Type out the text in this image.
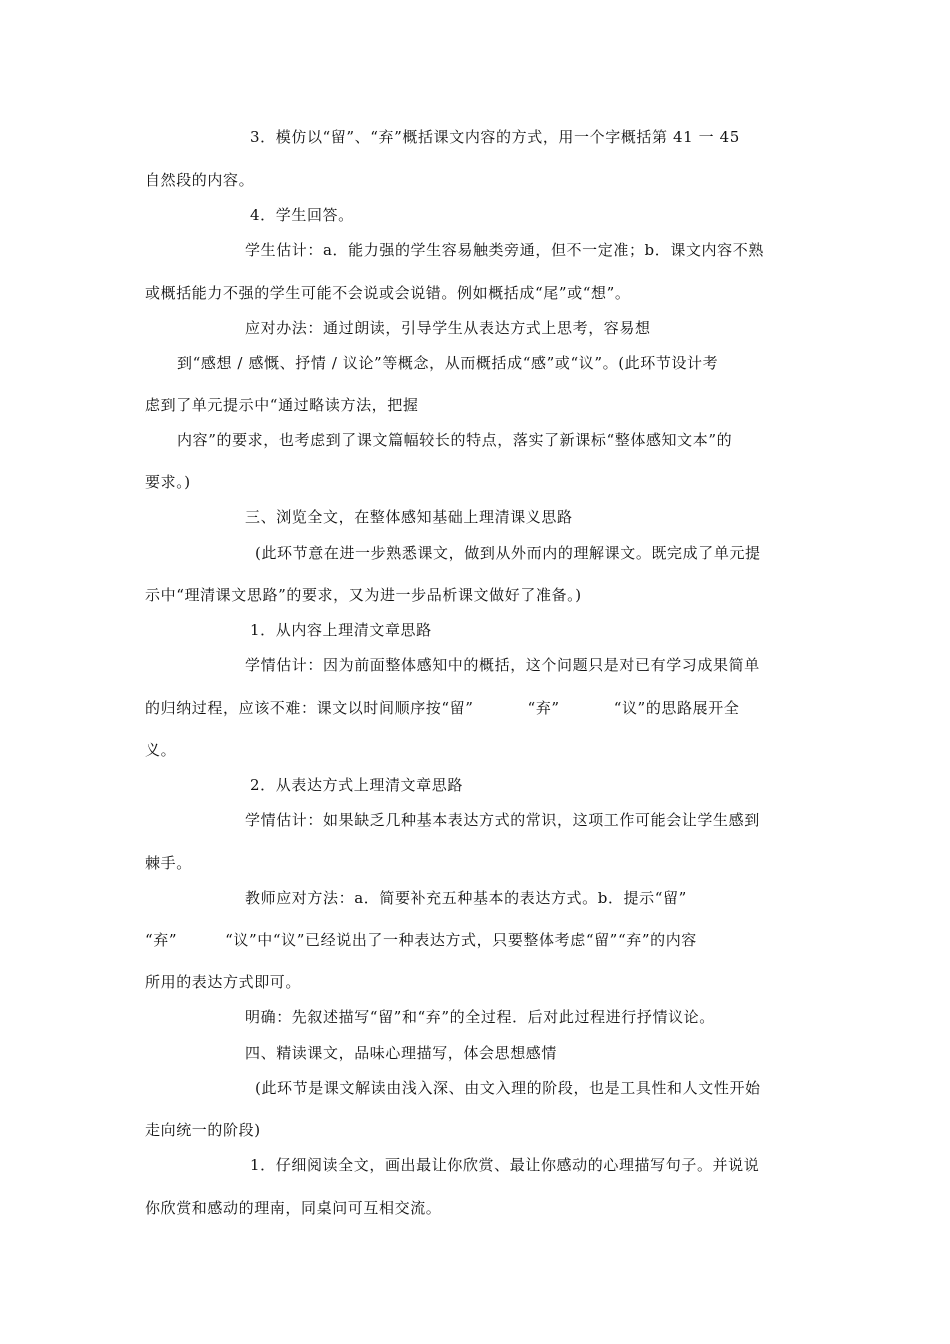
3．模仿以“留”、“弃”概括课文内容的方式，用一个字概括第 41 一 45
自然段的内容。
4．学生回答。
学生估计：a．能力强的学生容易触类旁通，但不一定准；b．课文内容不熟
或概括能力不强的学生可能不会说或会说错。例如概括成“尾”或“想”。
应对办法：通过朗读，引导学生从表达方式上思考，容易想
到“感想 / 感慨、抒情 / 议论”等概念，从而概括成“感”或“议”。(此环节设计考
虑到了单元提示中“通过略读方法，把握
内容”的要求，也考虑到了课文篇幅较长的特点，落实了新课标“整体感知文本”的
要求。)
三、浏览全文，在整体感知基础上理清课义思路
(此环节意在进一步熟悉课文，做到从外而内的理解课文。既完成了单元提
示中“理清课文思路”的要求，又为进一步品析课文做好了准备。)
1．从内容上理清文章思路
学情估计：因为前面整体感知中的概括，这个问题只是对已有学习成果简单
的归纳过程，应该不难：课文以时间顺序按“留”	“弃”	“议”的思路展开全
义。
2．从表达方式上理清文章思路
学情估计：如果缺乏几种基本表达方式的常识，这项工作可能会让学生感到
棘手。
教师应对方法：a．简要补充五种基本的表达方式。b．提示“留”
“弃”	“议”中“议”已经说出了一种表达方式，只要整体考虑“留”“弃”的内容
所用的表达方式即可。
明确：先叙述描写“留”和“弃”的全过程．后对此过程进行抒情议论。
四、精读课文，品味心理描写，体会思想感情
(此环节是课文解读由浅入深、由文入理的阶段，也是工具性和人文性开始
走向统一的阶段)
1．仔细阅读全文，画出最让你欣赏、最让你感动的心理描写句子。并说说
你欣赏和感动的理南，同桌问可互相交流。
